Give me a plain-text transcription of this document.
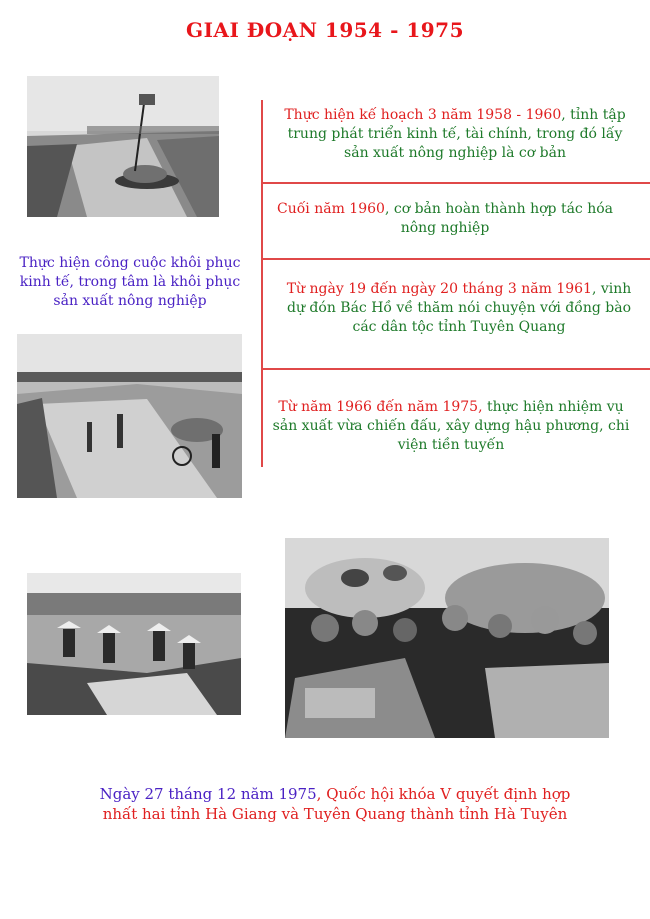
GIAI ĐOẠN 1954 - 1975
Thực hiện công cuộc khôi phục kinh tế, trong tâm là khôi phục sản xuất nông nghiệp
Thực hiện kế hoạch 3 năm 1958 - 1960, tỉnh tập trung phát triển kinh tế, tài chính, trong đó lấy sản xuất nông nghiệp là cơ bản
Cuối năm 1960, cơ bản hoàn thành hợp tác hóa nông nghiệp
Từ ngày 19 đến ngày 20 tháng 3 năm 1961, vinh dự đón Bác Hồ về thăm nói chuyện với đồng bào các dân tộc tỉnh Tuyên Quang
Từ năm 1966 đến năm 1975, thực hiện nhiệm vụ sản xuất vừa chiến đấu, xây dựng hậu phương, chi viện tiền tuyến
Ngày 27 tháng 12 năm 1975, Quốc hội khóa V quyết định hợp nhất hai tỉnh Hà Giang và Tuyên Quang thành tỉnh Hà Tuyên
